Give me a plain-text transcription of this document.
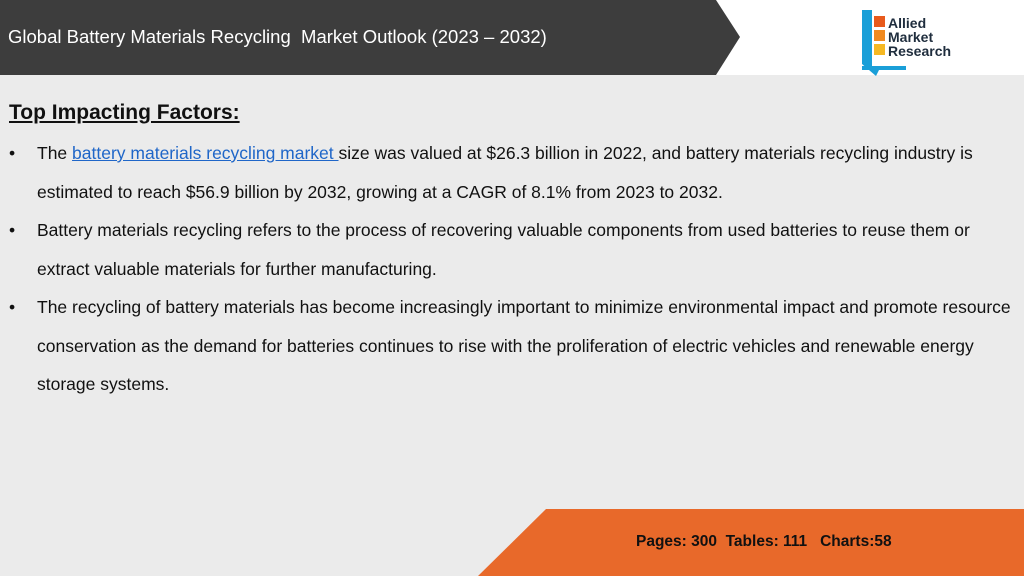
Global Battery Materials Recycling  Market Outlook (2023 – 2032)
Allied
Market
Research
Top Impacting Factors:
• The battery materials recycling market size was valued at $26.3 billion in 2022, and battery materials recycling industry is estimated to reach $56.9 billion by 2032, growing at a CAGR of 8.1% from 2023 to 2032.
• Battery materials recycling refers to the process of recovering valuable components from used batteries to reuse them or extract valuable materials for further manufacturing.
• The recycling of battery materials has become increasingly important to minimize environmental impact and promote resource conservation as the demand for batteries continues to rise with the proliferation of electric vehicles and renewable energy storage systems.
Pages: 300  Tables: 111   Charts:58
